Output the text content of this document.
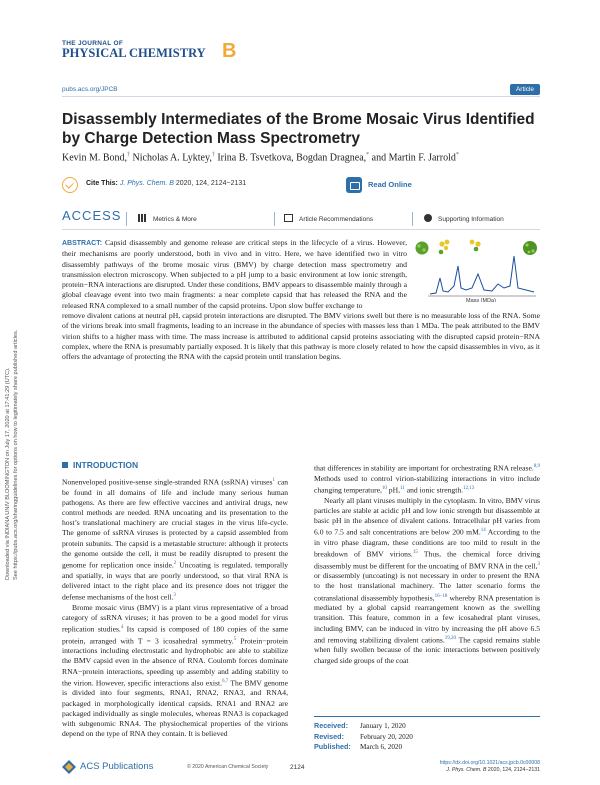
Downloaded via INDIANA UNIV BLOOMINGTON on July 17, 2020 at 17:41:29 (UTC). See https://pubs.acs.org/sharingguidelines for options on how to legitimately share published articles.
THE JOURNAL OF
PHYSICAL CHEMISTRY B
pubs.acs.org/JPCB	Article
Disassembly Intermediates of the Brome Mosaic Virus Identified by Charge Detection Mass Spectrometry
Kevin M. Bond,† Nicholas A. Lyktey,† Irina B. Tsvetkova, Bogdan Dragnea,* and Martin F. Jarrold*
Cite This: J. Phys. Chem. B 2020, 124, 2124−2131	Read Online
ACCESS	Metrics & More	Article Recommendations	Supporting Information
Mass (MDa)

ABSTRACT: Capsid disassembly and genome release are critical steps in the lifecycle of a virus. However, their mechanisms are poorly understood, both in vivo and in vitro. Here, we have identified two in vitro disassembly pathways of the brome mosaic virus (BMV) by charge detection mass spectrometry and transmission electron microscopy. When subjected to a pH jump to a basic environment at low ionic strength, protein−RNA interactions are disrupted. Under these conditions, BMV appears to disassemble mainly through a global cleavage event into two main fragments: a near complete capsid that has released the RNA and the released RNA complexed to a small number of the capsid proteins. Upon slow buffer exchange to

remove divalent cations at neutral pH, capsid protein interactions are disrupted. The BMV virions swell but there is no measurable loss of the RNA. Some of the virions break into small fragments, leading to an increase in the abundance of species with masses less than 1 MDa. The peak attributed to the BMV virion shifts to a higher mass with time. The mass increase is attributed to additional capsid proteins associating with the disrupted capsid protein−RNA complex, where the RNA is presumably partially exposed. It is likely that this pathway is more closely related to how the capsid disassembles in vivo, as it offers the advantage of protecting the RNA with the capsid protein until translation begins.

INTRODUCTION

Nonenveloped positive-sense single-stranded RNA (ssRNA) viruses$^1$ can be found in all domains of life and include many serious human pathogens. As there are few effective vaccines and antiviral drugs, new control methods are needed. RNA uncoating and its presentation to the host’s translational machinery are crucial stages in the virus life-cycle. The genome of ssRNA viruses is protected by a capsid assembled from protein subunits. The capsid is a metastable structure: although it protects the genome outside the cell, it must be readily disrupted to present the genome for replication once inside.$^2$ Uncoating is regulated, temporally and spatially, in ways that are poorly understood, so that viral RNA is delivered intact to the right place and its presence does not trigger the defense mechanisms of the host cell.$^3$

Brome mosaic virus (BMV) is a plant virus representative of a broad category of ssRNA viruses; it has proven to be a good model for virus replication studies.$^4$ Its capsid is composed of 180 copies of the same protein, arranged with T = 3 icosahedral symmetry.$^5$ Protein−protein interactions including electrostatic and hydrophobic are able to stabilize the BMV capsid even in the absence of RNA. Coulomb forces dominate RNA−protein interactions, speeding up assembly and adding stability to the virion. However, specific interactions also exist.$^{6,7}$ The BMV genome is divided into four segments, RNA1, RNA2, RNA3, and RNA4, packaged in morphologically identical capsids. RNA1 and RNA2 are packaged individually as single molecules, whereas RNA3 is copackaged with subgenomic RNA4. The physiochemical properties of the virions depend on the type of RNA they contain. It is believed

that differences in stability are important for orchestrating RNA release.$^{8,9}$ Methods used to control virion-stabilizing interactions in vitro include changing temperature,$^{10}$ pH,$^{11}$ and ionic strength.$^{12,13}$

Nearly all plant viruses multiply in the cytoplasm. In vitro, BMV virus particles are stable at acidic pH and low ionic strength but disassemble at basic pH in the absence of divalent cations. Intracellular pH varies from 6.0 to 7.5 and salt concentrations are below 200 mM.$^{14}$ According to the in vitro phase diagram, these conditions are too mild to result in the breakdown of BMV virions.$^{15}$ Thus, the chemical force driving disassembly must be different for the uncoating of BMV RNA in the cell,$^3$ or disassembly (uncoating) is not necessary in order to present the RNA to the host translational machinery. The latter scenario forms the cotranslational disassembly hypothesis,$^{16-18}$ whereby RNA presentation is mediated by a global capsid rearrangement known as the swelling transition. This feature, common in a few icosahedral plant viruses, including BMV, can be induced in vitro by increasing the pH above 6.5 and removing stabilizing divalent cations.$^{19,20}$ The capsid remains stable when fully swollen because of the ionic interactions between positively charged side groups of the coat

Received:	January 1, 2020
Revised:	February 20, 2020
Published:	March 6, 2020
ACS Publications	© 2020 American Chemical Society	2124
https://dx.doi.org/10.1021/acs.jpcb.0c00008
J. Phys. Chem. B 2020, 124, 2124−2131
